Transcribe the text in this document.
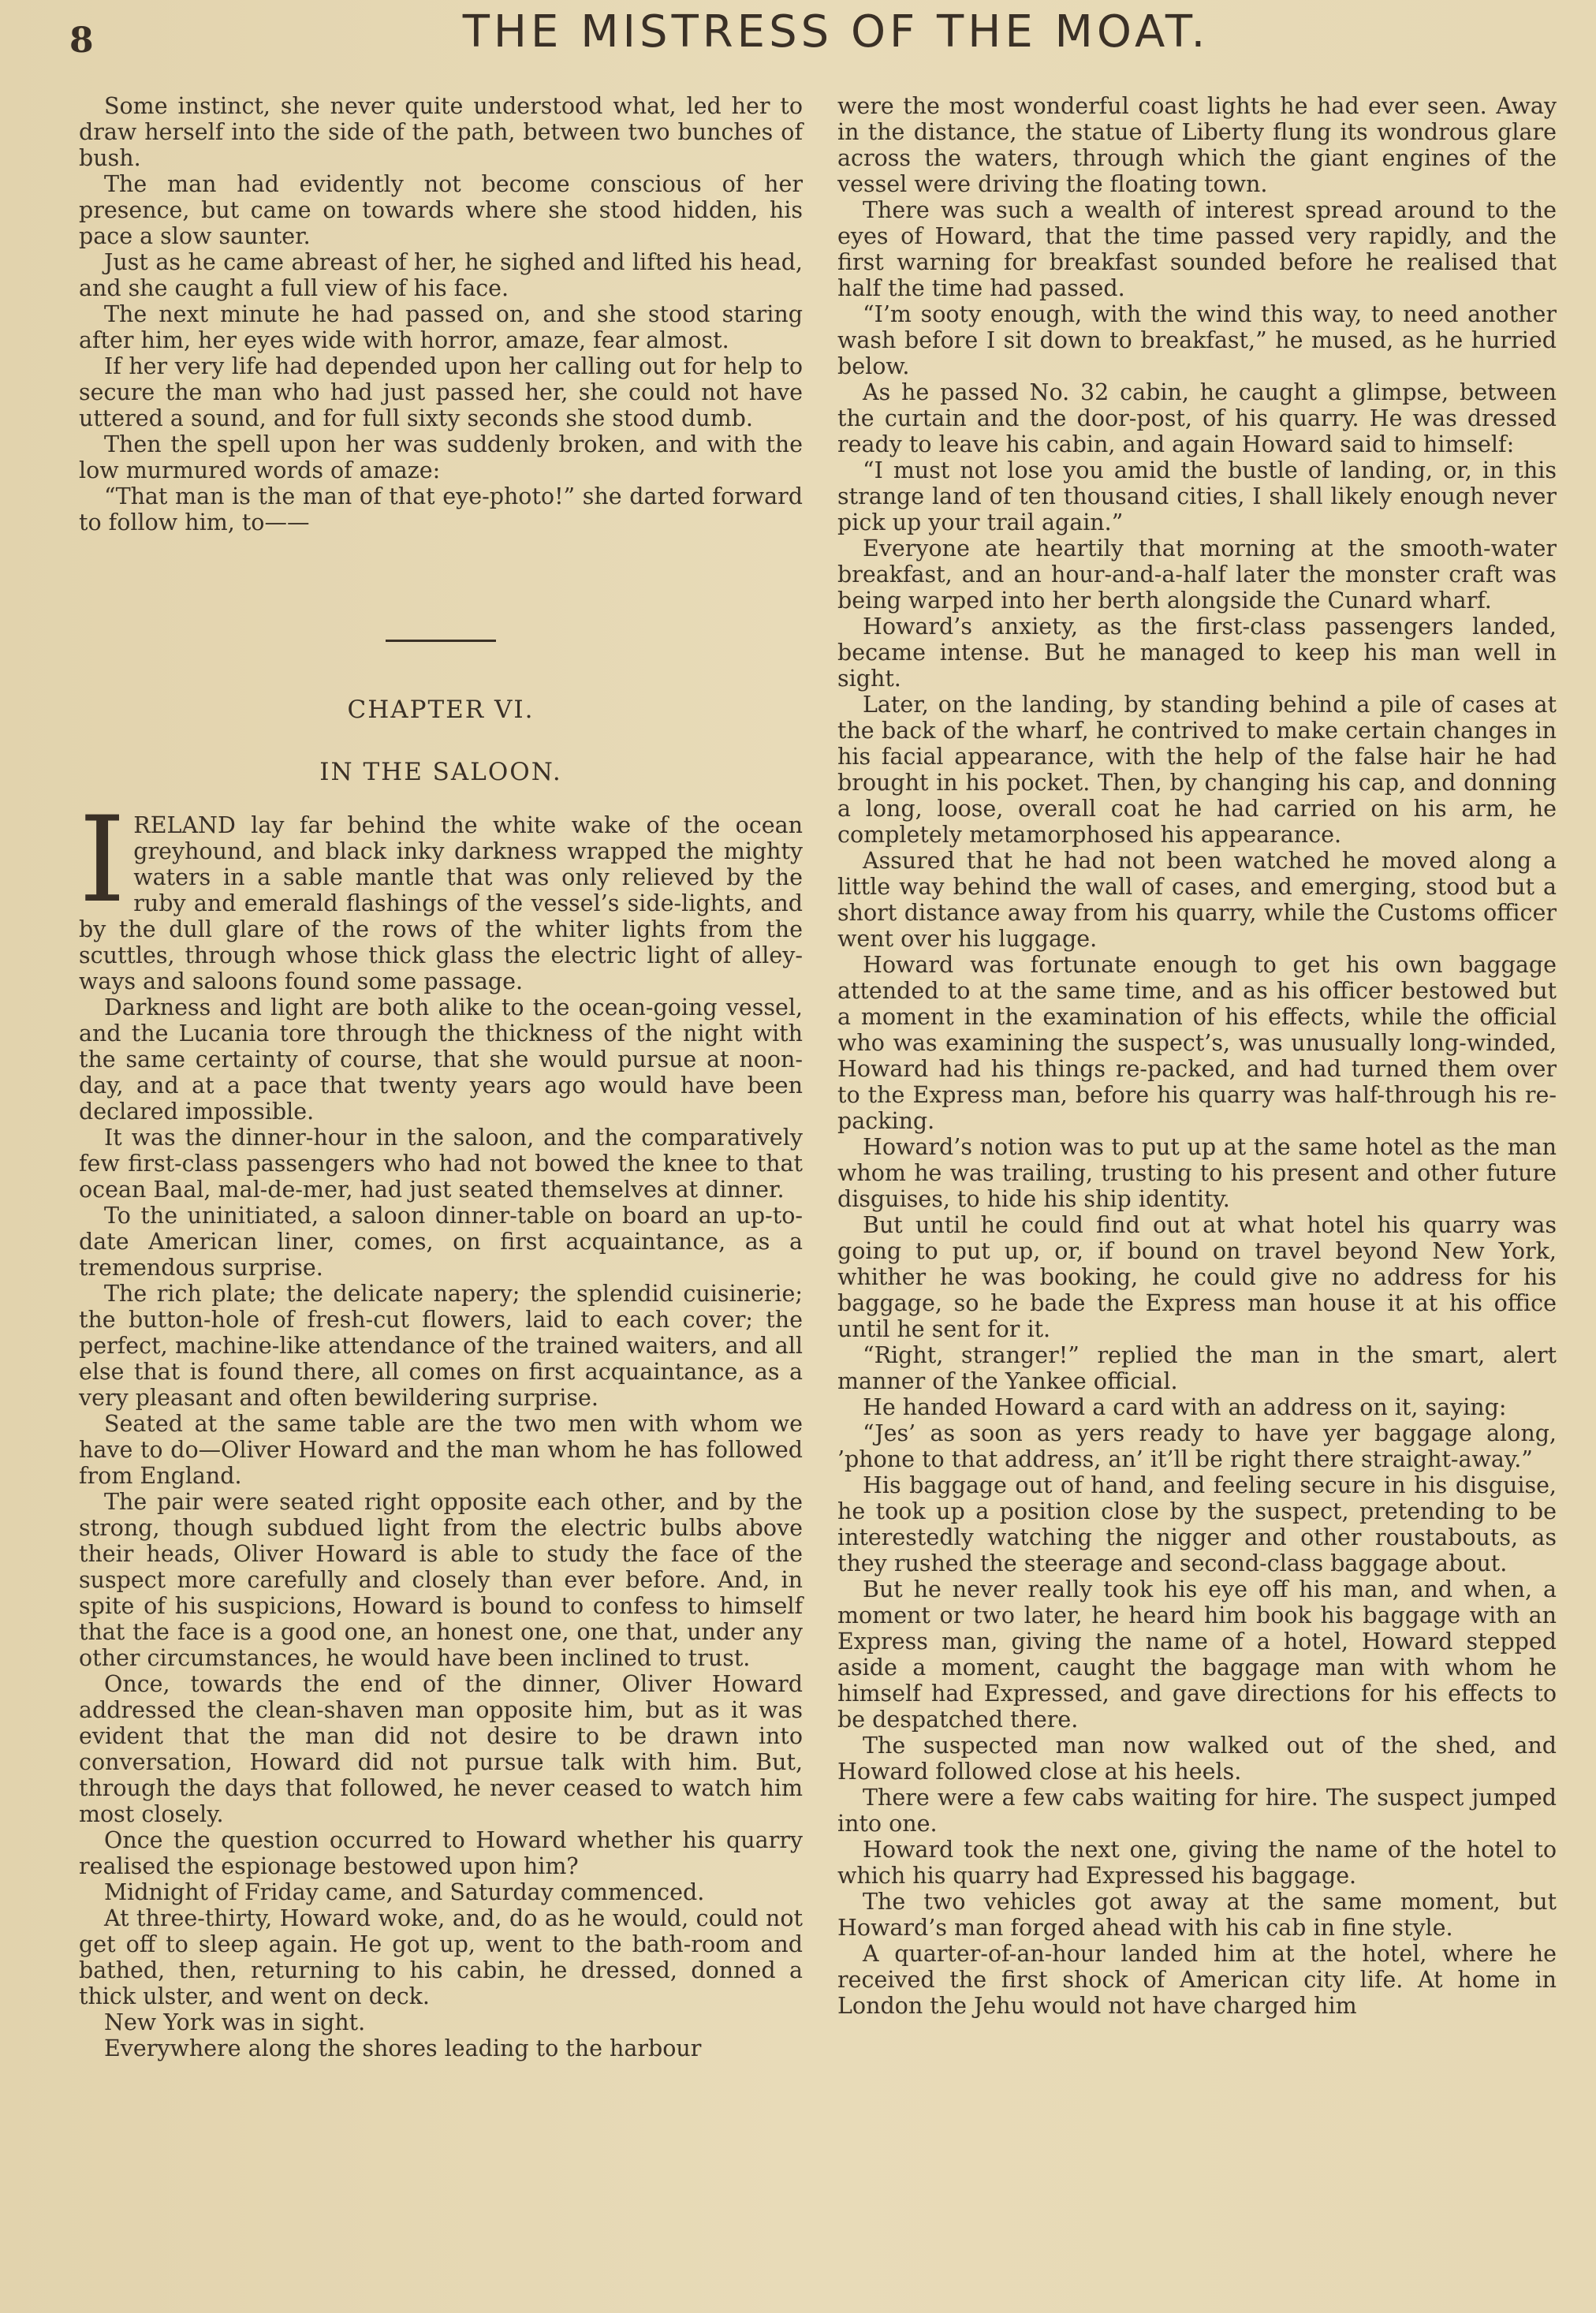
8	THE MISTRESS OF THE MOAT.

Some instinct, she never quite understood what, led her to draw herself into the side of the path, between two bunches of bush.

The man had evidently not become conscious of her presence, but came on towards where she stood hidden, his pace a slow saunter.

Just as he came abreast of her, he sighed and lifted his head, and she caught a full view of his face.

The next minute he had passed on, and she stood staring after him, her eyes wide with horror, amaze, fear almost.

If her very life had depended upon her calling out for help to secure the man who had just passed her, she could not have uttered a sound, and for full sixty seconds she stood dumb.

Then the spell upon her was suddenly broken, and with the low murmured words of amaze:

“That man is the man of that eye-photo!” she darted forward to follow him, to——

CHAPTER VI.
IN THE SALOON.

IRELAND lay far behind the white wake of the ocean greyhound, and black inky darkness wrapped the mighty waters in a sable mantle that was only relieved by the ruby and emerald flashings of the vessel’s side-lights, and by the dull glare of the rows of the whiter lights from the scuttles, through whose thick glass the electric light of alley-ways and saloons found some passage.

Darkness and light are both alike to the ocean-going vessel, and the Lucania tore through the thickness of the night with the same certainty of course, that she would pursue at noon-day, and at a pace that twenty years ago would have been declared impossible.

It was the dinner-hour in the saloon, and the comparatively few first-class passengers who had not bowed the knee to that ocean Baal, mal-de-mer, had just seated themselves at dinner.

To the uninitiated, a saloon dinner-table on board an up-to-date American liner, comes, on first acquaintance, as a tremendous surprise.

The rich plate; the delicate napery; the splendid cuisinerie; the button-hole of fresh-cut flowers, laid to each cover; the perfect, machine-like attendance of the trained waiters, and all else that is found there, all comes on first acquaintance, as a very pleasant and often bewildering surprise.

Seated at the same table are the two men with whom we have to do—Oliver Howard and the man whom he has followed from England.

The pair were seated right opposite each other, and by the strong, though subdued light from the electric bulbs above their heads, Oliver Howard is able to study the face of the suspect more carefully and closely than ever before. And, in spite of his suspicions, Howard is bound to confess to himself that the face is a good one, an honest one, one that, under any other circumstances, he would have been inclined to trust.

Once, towards the end of the dinner, Oliver Howard addressed the clean-shaven man opposite him, but as it was evident that the man did not desire to be drawn into conversation, Howard did not pursue talk with him. But, through the days that followed, he never ceased to watch him most closely.

Once the question occurred to Howard whether his quarry realised the espionage bestowed upon him?

Midnight of Friday came, and Saturday commenced.

At three-thirty, Howard woke, and, do as he would, could not get off to sleep again. He got up, went to the bath-room and bathed, then, returning to his cabin, he dressed, donned a thick ulster, and went on deck.

New York was in sight.

Everywhere along the shores leading to the harbour

were the most wonderful coast lights he had ever seen. Away in the distance, the statue of Liberty flung its wondrous glare across the waters, through which the giant engines of the vessel were driving the floating town.

There was such a wealth of interest spread around to the eyes of Howard, that the time passed very rapidly, and the first warning for breakfast sounded before he realised that half the time had passed.

“I’m sooty enough, with the wind this way, to need another wash before I sit down to breakfast,” he mused, as he hurried below.

As he passed No. 32 cabin, he caught a glimpse, between the curtain and the door-post, of his quarry. He was dressed ready to leave his cabin, and again Howard said to himself:

“I must not lose you amid the bustle of landing, or, in this strange land of ten thousand cities, I shall likely enough never pick up your trail again.”

Everyone ate heartily that morning at the smooth-water breakfast, and an hour-and-a-half later the monster craft was being warped into her berth alongside the Cunard wharf.

Howard’s anxiety, as the first-class passengers landed, became intense. But he managed to keep his man well in sight.

Later, on the landing, by standing behind a pile of cases at the back of the wharf, he contrived to make certain changes in his facial appearance, with the help of the false hair he had brought in his pocket. Then, by changing his cap, and donning a long, loose, overall coat he had carried on his arm, he completely metamorphosed his appearance.

Assured that he had not been watched he moved along a little way behind the wall of cases, and emerging, stood but a short distance away from his quarry, while the Customs officer went over his luggage.

Howard was fortunate enough to get his own baggage attended to at the same time, and as his officer bestowed but a moment in the examination of his effects, while the official who was examining the suspect’s, was unusually long-winded, Howard had his things re-packed, and had turned them over to the Express man, before his quarry was half-through his re-packing.

Howard’s notion was to put up at the same hotel as the man whom he was trailing, trusting to his present and other future disguises, to hide his ship identity.

But until he could find out at what hotel his quarry was going to put up, or, if bound on travel beyond New York, whither he was booking, he could give no address for his baggage, so he bade the Express man house it at his office until he sent for it.

“Right, stranger!” replied the man in the smart, alert manner of the Yankee official.

He handed Howard a card with an address on it, saying:

“Jes’ as soon as yers ready to have yer baggage along, ’phone to that address, an’ it’ll be right there straight-away.”

His baggage out of hand, and feeling secure in his disguise, he took up a position close by the suspect, pretending to be interestedly watching the nigger and other roustabouts, as they rushed the steerage and second-class baggage about.

But he never really took his eye off his man, and when, a moment or two later, he heard him book his baggage with an Express man, giving the name of a hotel, Howard stepped aside a moment, caught the baggage man with whom he himself had Expressed, and gave directions for his effects to be despatched there.

The suspected man now walked out of the shed, and Howard followed close at his heels.

There were a few cabs waiting for hire. The suspect jumped into one.

Howard took the next one, giving the name of the hotel to which his quarry had Expressed his baggage.

The two vehicles got away at the same moment, but Howard’s man forged ahead with his cab in fine style.

A quarter-of-an-hour landed him at the hotel, where he received the first shock of American city life. At home in London the Jehu would not have charged him
